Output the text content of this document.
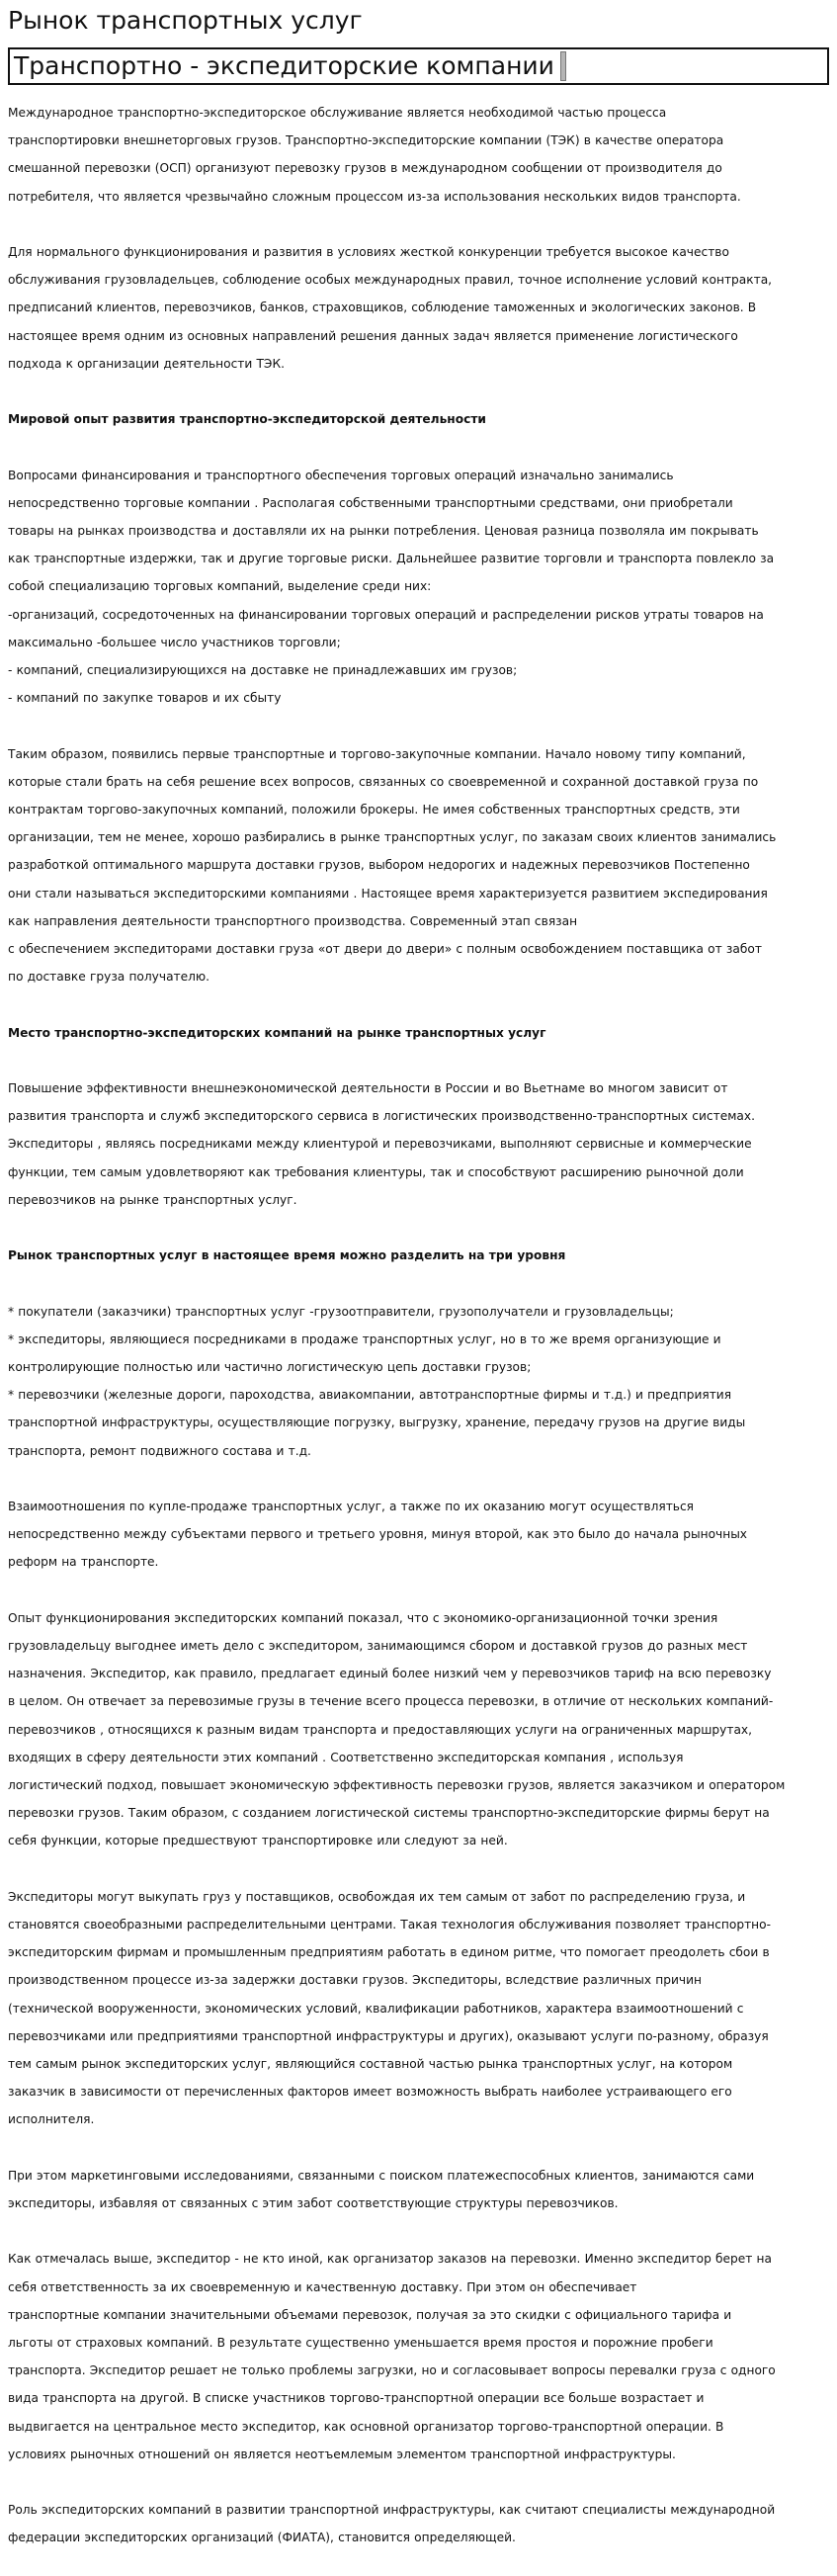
Рынок транспортных услуг
Транспортно - экспедиторские компании
Международное транспортно-экспедиторское обслуживание является необходимой частью процесса
транспортировки внешнеторговых грузов. Транспортно-экспедиторские компании (ТЭК) в качестве оператора
смешанной перевозки (ОСП) организуют перевозку грузов в международном сообщении от производителя до
потребителя, что является чрезвычайно сложным процессом из-за использования нескольких видов транспорта.
Для нормального функционирования и развития в условиях жесткой конкуренции требуется высокое качество
обслуживания грузовладельцев, соблюдение особых международных правил, точное исполнение условий контракта,
предписаний клиентов, перевозчиков, банков, страховщиков, соблюдение таможенных и экологических законов. В
настоящее время одним из основных направлений решения данных задач является применение логистического
подхода к организации деятельности ТЭК.
Мировой опыт развития транспортно-экспедиторской деятельности
Вопросами финансирования и транспортного обеспечения торговых операций изначально занимались
непосредственно торговые компании . Располагая собственными транспортными средствами, они приобретали
товары на рынках производства и доставляли их на рынки потребления. Ценовая разница позволяла им покрывать
как транспортные издержки, так и другие торговые риски. Дальнейшее развитие торговли и транспорта повлекло за
собой специализацию торговых компаний, выделение среди них:
-организаций, сосредоточенных на финансировании торговых операций и распределении рисков утраты товаров на
максимально -большее число участников торговли;
- компаний, специализирующихся на доставке не принадлежавших им грузов;
- компаний по закупке товаров и их сбыту
Таким образом, появились первые транспортные и торгово-закупочные компании. Начало новому типу компаний,
которые стали брать на себя решение всех вопросов, связанных со своевременной и сохранной доставкой груза по
контрактам торгово-закупочных компаний, положили брокеры. Не имея собственных транспортных средств, эти
организации, тем не менее, хорошо разбирались в рынке транспортных услуг, по заказам своих клиентов занимались
разработкой оптимального маршрута доставки грузов, выбором недорогих и надежных перевозчиков Постепенно
они стали называться экспедиторскими компаниями . Настоящее время характеризуется развитием экспедирования
как направления деятельности транспортного производства. Современный этап связан
с обеспечением экспедиторами доставки груза «от двери до двери» с полным освобождением поставщика от забот
по доставке груза получателю.
Место транспортно-экспедиторских компаний на рынке транспортных услуг
Повышение эффективности внешнеэкономической деятельности в России и во Вьетнаме во многом зависит от
развития транспорта и служб экспедиторского сервиса в логистических производственно-транспортных системах.
Экспедиторы , являясь посредниками между клиентурой и перевозчиками, выполняют сервисные и коммерческие
функции, тем самым удовлетворяют как требования клиентуры, так и способствуют расширению рыночной доли
перевозчиков на рынке транспортных услуг.
Рынок транспортных услуг в настоящее время можно разделить на три уровня
* покупатели (заказчики) транспортных услуг -грузоотправители, грузополучатели и грузовладельцы;
* экспедиторы, являющиеся посредниками в продаже транспортных услуг, но в то же время организующие и
контролирующие полностью или частично логистическую цепь доставки грузов;
* перевозчики (железные дороги, пароходства, авиакомпании, автотранспортные фирмы и т.д.) и предприятия
транспортной инфраструктуры, осуществляющие погрузку, выгрузку, хранение, передачу грузов на другие виды
транспорта, ремонт подвижного состава и т.д.
Взаимоотношения по купле-продаже транспортных услуг, а также по их оказанию могут осуществляться
непосредственно между субъектами первого и третьего уровня, минуя второй, как это было до начала рыночных
реформ на транспорте.
Опыт функционирования экспедиторских компаний показал, что с экономико-организационной точки зрения
грузовладельцу выгоднее иметь дело с экспедитором, занимающимся сбором и доставкой грузов до разных мест
назначения. Экспедитор, как правило, предлагает единый более низкий чем у перевозчиков тариф на всю перевозку
в целом. Он отвечает за перевозимые грузы в течение всего процесса перевозки, в отличие от нескольких компаний-
перевозчиков , относящихся к разным видам транспорта и предоставляющих услуги на ограниченных маршрутах,
входящих в сферу деятельности этих компаний . Соответственно экспедиторская компания , используя
логистический подход, повышает экономическую эффективность перевозки грузов, является заказчиком и оператором
перевозки грузов. Таким образом, с созданием логистической системы транспортно-экспедиторские фирмы берут на
себя функции, которые предшествуют транспортировке или следуют за ней.
Экспедиторы могут выкупать груз у поставщиков, освобождая их тем самым от забот по распределению груза, и
становятся своеобразными распределительными центрами. Такая технология обслуживания позволяет транспортно-
экспедиторским фирмам и промышленным предприятиям работать в едином ритме, что помогает преодолеть сбои в
производственном процессе из-за задержки доставки грузов. Экспедиторы, вследствие различных причин
(технической вооруженности, экономических условий, квалификации работников, характера взаимоотношений с
перевозчиками или предприятиями транспортной инфраструктуры и других), оказывают услуги по-разному, образуя
тем самым рынок экспедиторских услуг, являющийся составной частью рынка транспортных услуг, на котором
заказчик в зависимости от перечисленных факторов имеет возможность выбрать наиболее устраивающего его
исполнителя.
При этом маркетинговыми исследованиями, связанными с поиском платежеспособных клиентов, занимаются сами
экспедиторы, избавляя от связанных с этим забот соответствующие структуры перевозчиков.
Как отмечалась выше, экспедитор - не кто иной, как организатор заказов на перевозки. Именно экспедитор берет на
себя ответственность за их своевременную и качественную доставку. При этом он обеспечивает
транспортные компании значительными объемами перевозок, получая за это скидки с официального тарифа и
льготы от страховых компаний. В результате существенно уменьшается время простоя и порожние пробеги
транспорта. Экспедитор решает не только проблемы загрузки, но и согласовывает вопросы перевалки груза с одного
вида транспорта на другой. В списке участников торгово-транспортной операции все больше возрастает и
выдвигается на центральное место экспедитор, как основной организатор торгово-транспортной операции. В
условиях рыночных отношений он является неотъемлемым элементом транспортной инфраструктуры.
Роль экспедиторских компаний в развитии транспортной инфраструктуры, как считают специалисты международной
федерации экспедиторских организаций (ФИАТА), становится определяющей.
